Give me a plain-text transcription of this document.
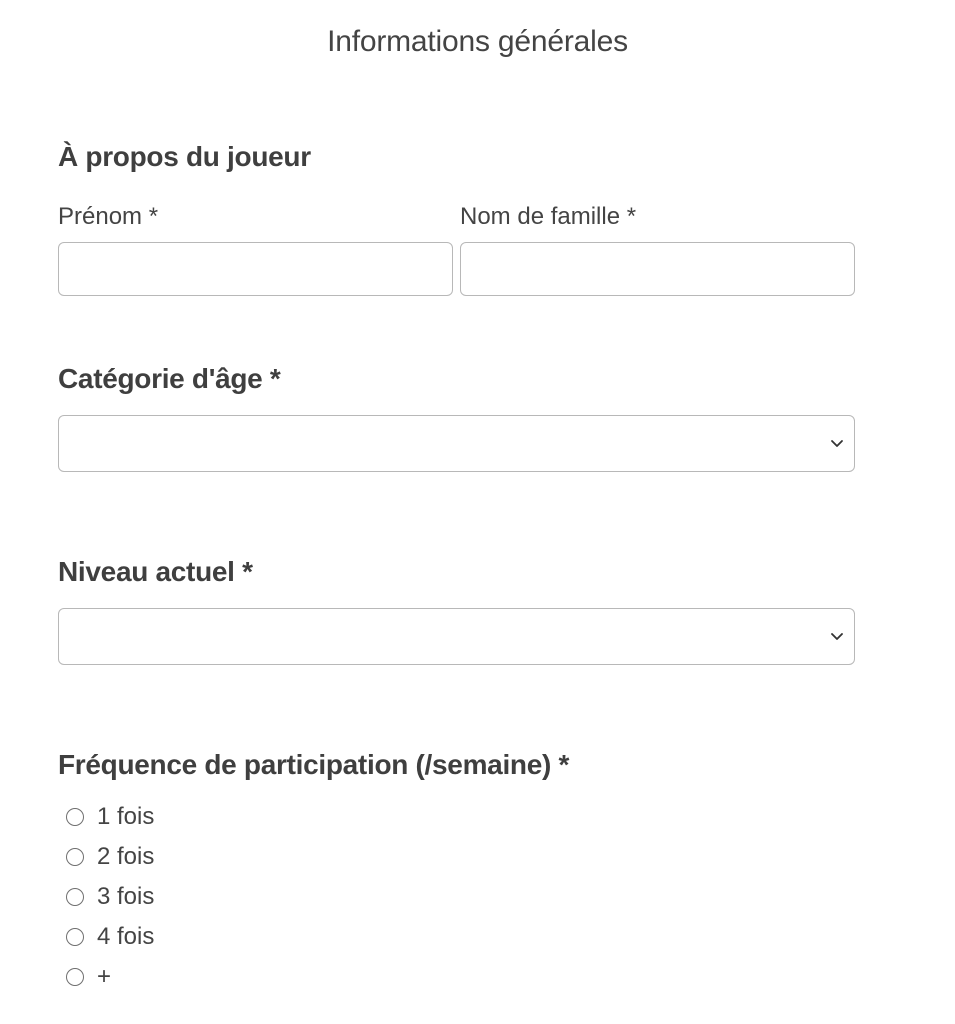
Informations générales
À propos du joueur
Prénom *	Nom de famille *
Catégorie d'âge *
Niveau actuel *
Fréquence de participation (/semaine) *
1 fois
2 fois
3 fois
4 fois
+
